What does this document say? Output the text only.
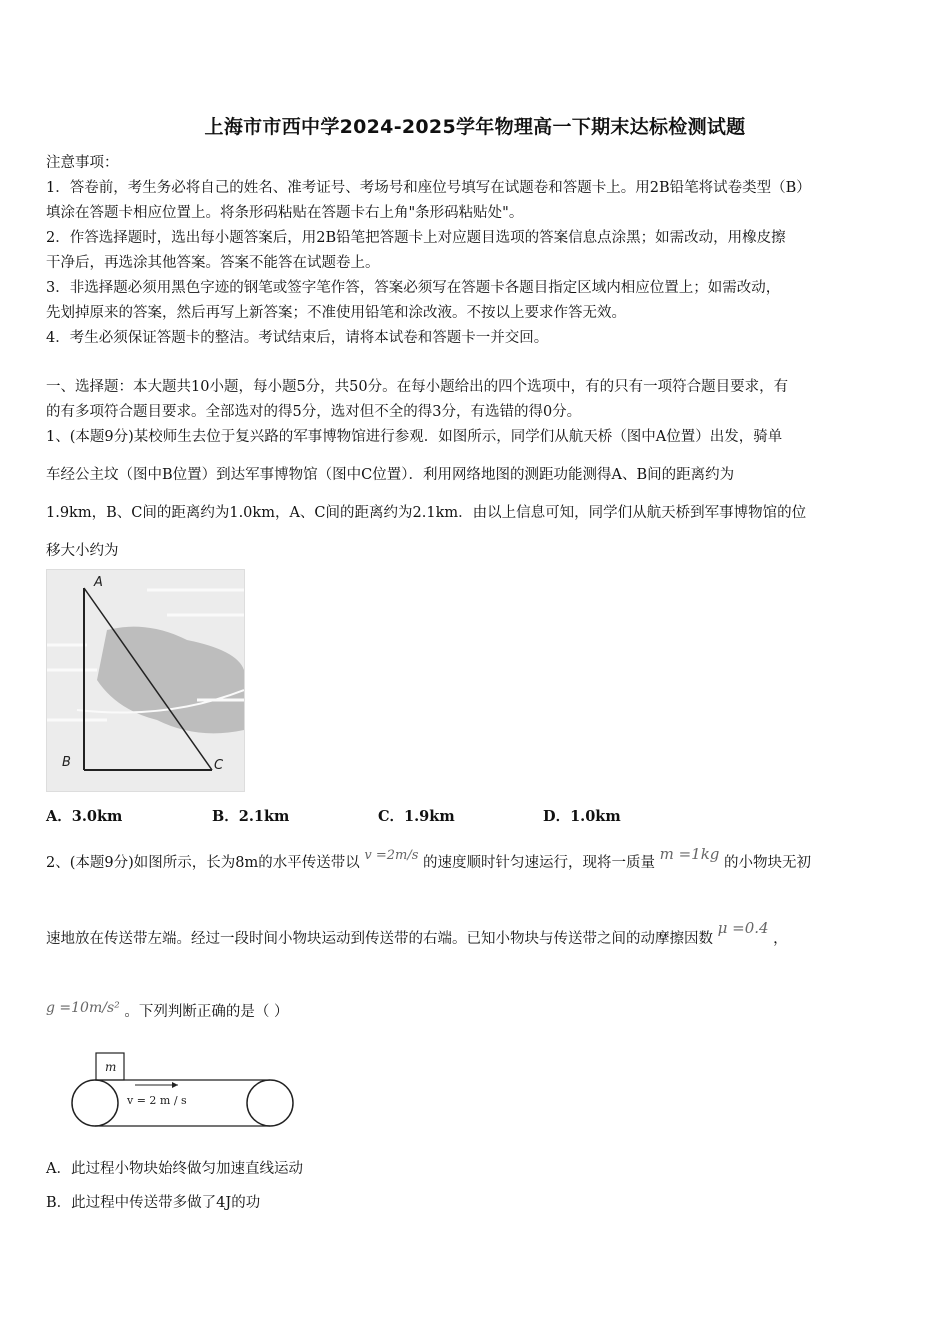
上海市市西中学2024-2025学年物理高一下期末达标检测试题
注意事项：
1．答卷前，考生务必将自己的姓名、准考证号、考场号和座位号填写在试题卷和答题卡上。用2B铅笔将试卷类型（B）
填涂在答题卡相应位置上。将条形码粘贴在答题卡右上角"条形码粘贴处"。
2．作答选择题时，选出每小题答案后，用2B铅笔把答题卡上对应题目选项的答案信息点涂黑；如需改动，用橡皮擦
干净后，再选涂其他答案。答案不能答在试题卷上。
3．非选择题必须用黑色字迹的钢笔或签字笔作答，答案必须写在答题卡各题目指定区域内相应位置上；如需改动，
先划掉原来的答案，然后再写上新答案；不准使用铅笔和涂改液。不按以上要求作答无效。
4．考生必须保证答题卡的整洁。考试结束后，请将本试卷和答题卡一并交回。
一、选择题：本大题共10小题，每小题5分，共50分。在每小题给出的四个选项中，有的只有一项符合题目要求，有
的有多项符合题目要求。全部选对的得5分，选对但不全的得3分，有选错的得0分。
1、(本题9分)某校师生去位于复兴路的军事博物馆进行参观．如图所示，同学们从航天桥（图中A位置）出发，骑单
车经公主坟（图中B位置）到达军事博物馆（图中C位置）．利用网络地图的测距功能测得A、B间的距离约为
1.9km，B、C间的距离约为1.0km，A、C间的距离约为2.1km．由以上信息可知，同学们从航天桥到军事博物馆的位
移大小约为
A
B	C
A．3.0km	B．2.1km	C．1.9km	D．1.0km
2、(本题9分)如图所示，长为8m的水平传送带以 v =2m/s 的速度顺时针匀速运行，现将一质量 m =1kg 的小物块无初
速地放在传送带左端。经过一段时间小物块运动到传送带的右端。已知小物块与传送带之间的动摩擦因数 μ =0.4 ，
g =10m/s² 。下列判断正确的是（ ）
m
v = 2 m / s
A．此过程小物块始终做匀加速直线运动
B．此过程中传送带多做了4J的功
